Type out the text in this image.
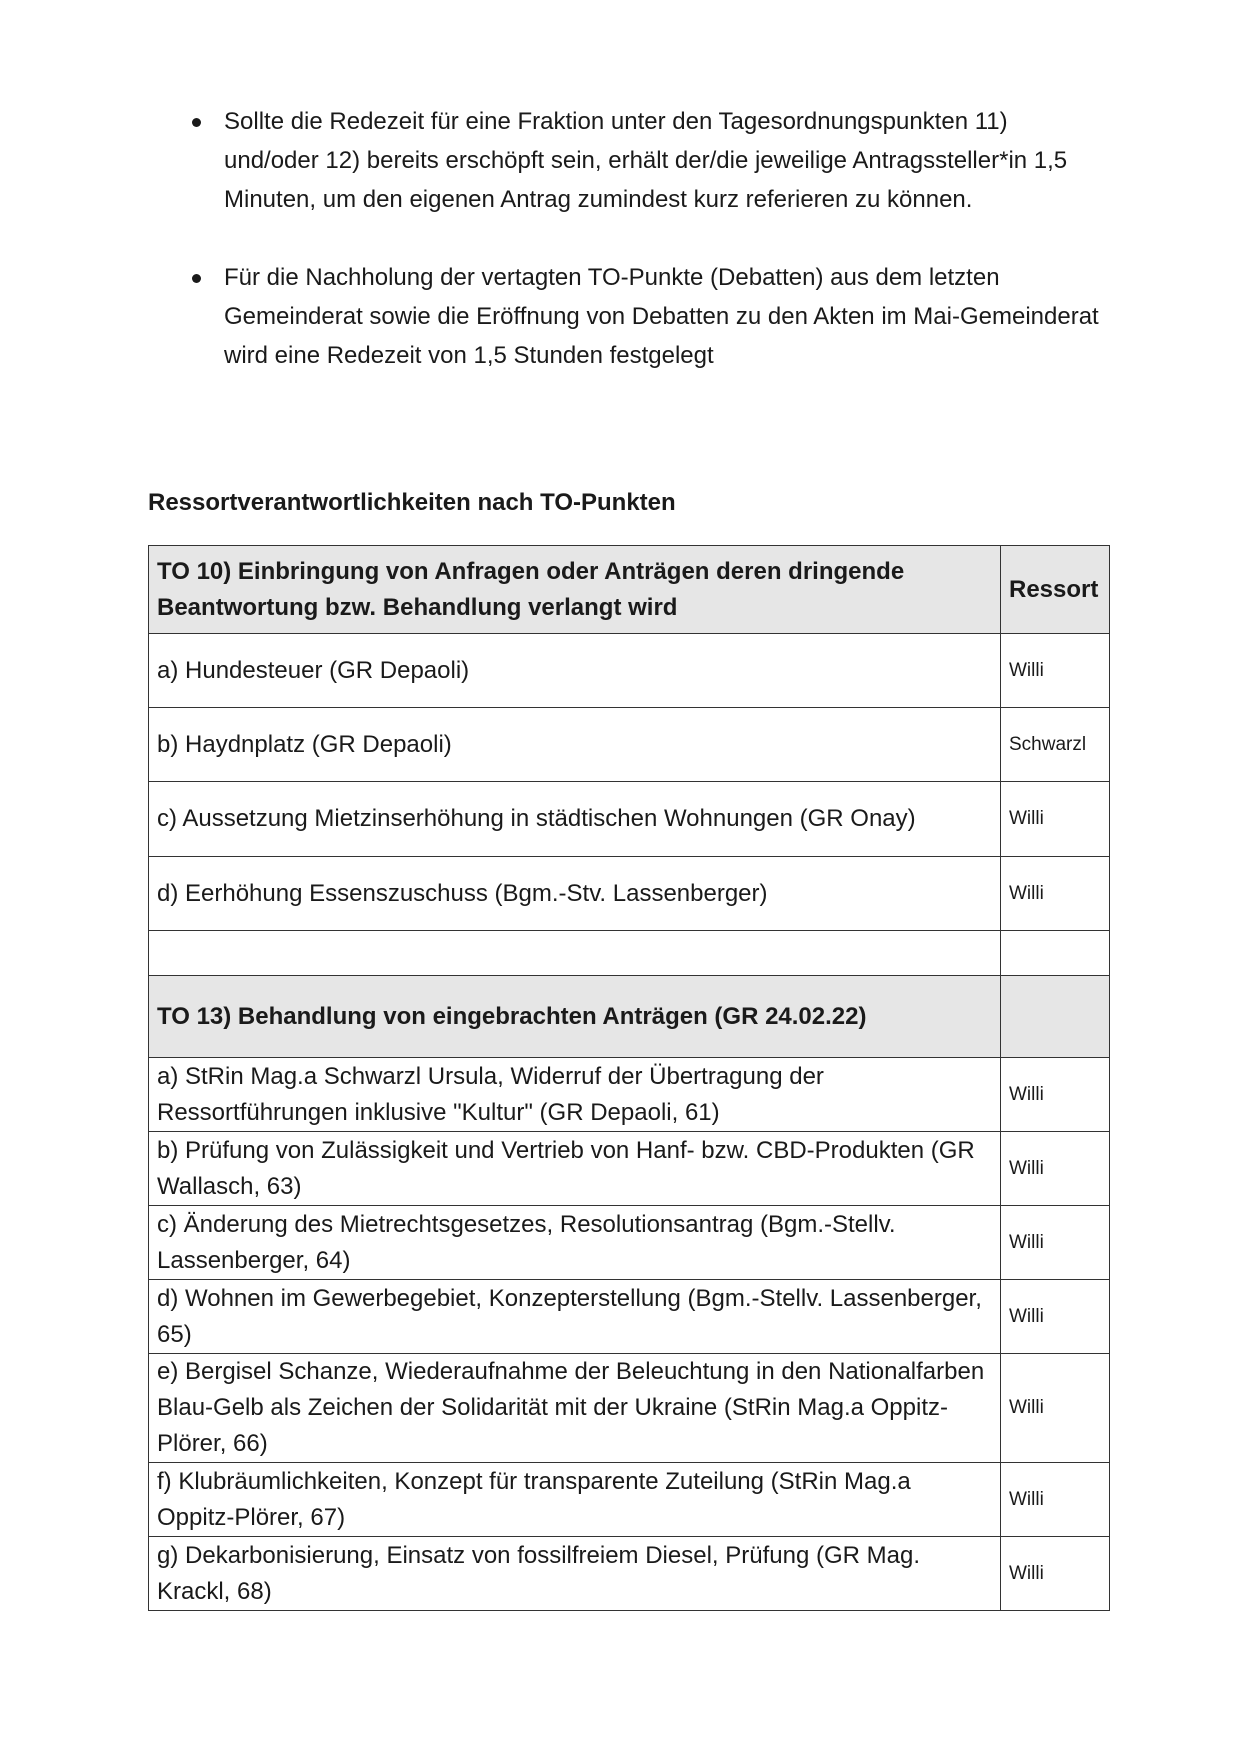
Sollte die Redezeit für eine Fraktion unter den Tagesordnungspunkten 11) und/oder 12) bereits erschöpft sein, erhält der/die jeweilige Antragssteller*in 1,5 Minuten, um den eigenen Antrag zumindest kurz referieren zu können.
Für die Nachholung der vertagten TO-Punkte (Debatten) aus dem letzten Gemeinderat sowie die Eröffnung von Debatten zu den Akten im Mai-Gemeinderat wird eine Redezeit von 1,5 Stunden festgelegt
Ressortverantwortlichkeiten nach TO-Punkten
TO 10) Einbringung von Anfragen oder Anträgen deren dringende Beantwortung bzw. Behandlung verlangt wird	Ressort
a) Hundesteuer (GR Depaoli)	Willi
b) Haydnplatz (GR Depaoli)	Schwarzl
c) Aussetzung Mietzinserhöhung in städtischen Wohnungen (GR Onay)	Willi
d) Eerhöhung Essenszuschuss (Bgm.-Stv. Lassenberger)	Willi

TO 13) Behandlung von eingebrachten Anträgen (GR 24.02.22)	
a) StRin Mag.a Schwarzl Ursula, Widerruf der Übertragung der Ressortführungen inklusive "Kultur" (GR Depaoli, 61)	Willi
b) Prüfung von Zulässigkeit und Vertrieb von Hanf- bzw. CBD-Produkten (GR Wallasch, 63)	Willi
c) Änderung des Mietrechtsgesetzes, Resolutionsantrag (Bgm.-Stellv. Lassenberger, 64)	Willi
d) Wohnen im Gewerbegebiet, Konzepterstellung (Bgm.-Stellv. Lassenberger, 65)	Willi
e) Bergisel Schanze, Wiederaufnahme der Beleuchtung in den Nationalfarben Blau-Gelb als Zeichen der Solidarität mit der Ukraine (StRin Mag.a Oppitz-Plörer, 66)	Willi
f) Klubräumlichkeiten, Konzept für transparente Zuteilung (StRin Mag.a Oppitz-Plörer, 67)	Willi
g) Dekarbonisierung, Einsatz von fossilfreiem Diesel, Prüfung (GR Mag. Krackl, 68)	Willi
